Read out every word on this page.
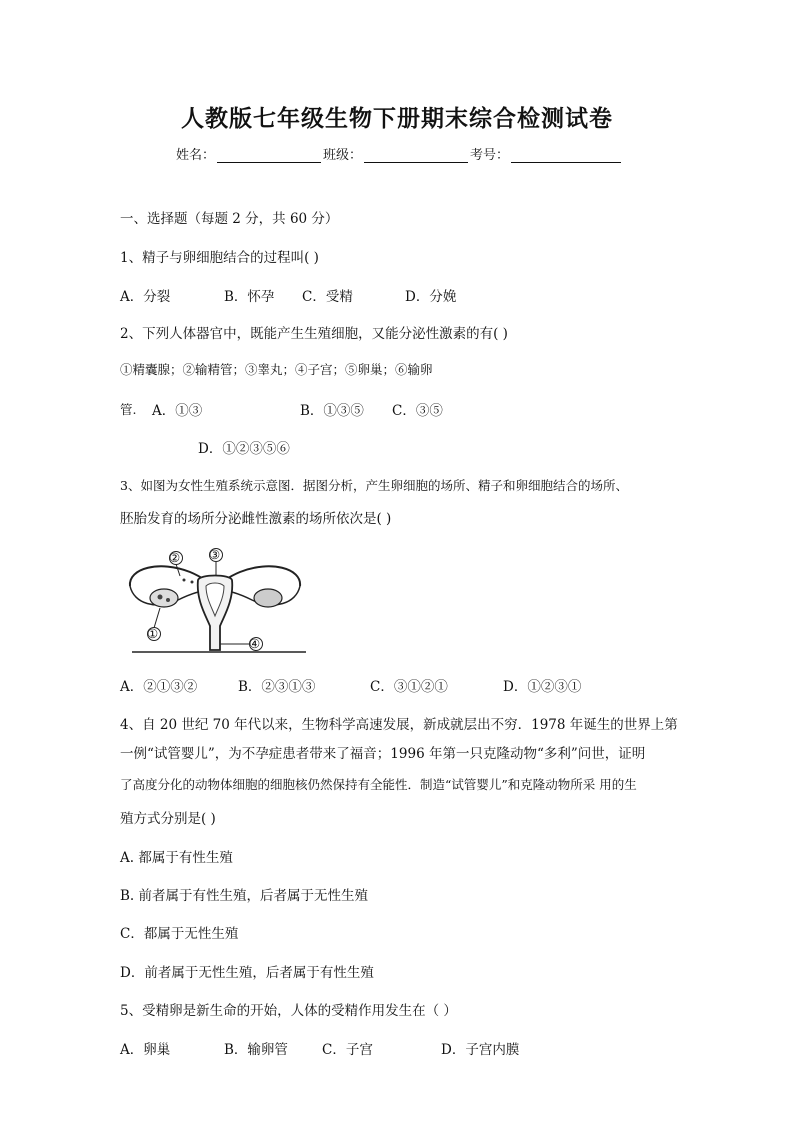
人教版七年级生物下册期末综合检测试卷
姓名：	班级：	考号：
一、选择题（每题 2 分，共 60 分）
1、精子与卵细胞结合的过程叫( )
A．分裂	B．怀孕 C．受精	D．分娩
2、下列人体器官中，既能产生生殖细胞，又能分泌性激素的有( )
①精囊腺；②输精管；③睾丸；④子宫；⑤卵巢；⑥输卵
管. A．①③	B．①③⑤ C．③⑤
D．①②③⑤⑥
3、如图为女性生殖系统示意图．据图分析，产生卵细胞的场所、精子和卵细胞结合的场所、
胚胎发育的场所分泌雌性激素的场所依次是( )
② ③
①
④
A．②①③②	B．②③①③	C．③①②①	D．①②③①
4、自 20 世纪 70 年代以来，生物科学高速发展，新成就层出不穷．1978 年诞生的世界上第
一例“试管婴儿”，为不孕症患者带来了福音；1996 年第一只克隆动物“多利”问世，证明
了高度分化的动物体细胞的细胞核仍然保持有全能性．制造“试管婴儿”和克隆动物所采 用的生
殖方式分别是( )
A. 都属于有性生殖
B. 前者属于有性生殖，后者属于无性生殖
C．都属于无性生殖
D．前者属于无性生殖，后者属于有性生殖
5、受精卵是新生命的开始，人体的受精作用发生在（ ）
A．卵巢	B．输卵管	C．子宫	D．子宫内膜
